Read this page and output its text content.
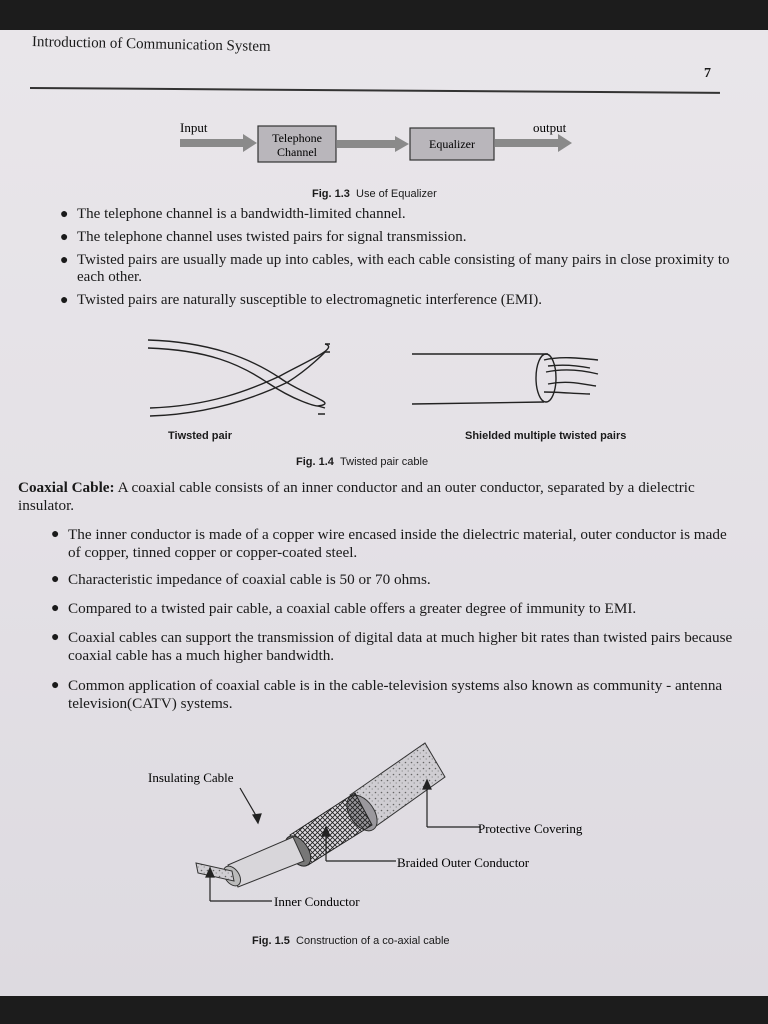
Introduction of Communication System
7
Input
Telephone
Channel
Equalizer
output
Fig. 1.3 Use of Equalizer
● The telephone channel is a bandwidth-limited channel.
● The telephone channel uses twisted pairs for signal transmission.
● Twisted pairs are usually made up into cables, with each cable consisting of many pairs in close proximity to each other.
● Twisted pairs are naturally susceptible to electromagnetic interference (EMI).
Tiwsted pair	Shielded multiple twisted pairs
Fig. 1.4 Twisted pair cable
Coaxial Cable: A coaxial cable consists of an inner conductor and an outer conductor, separated by a dielectric insulator.
● The inner conductor is made of a copper wire encased inside the dielectric material, outer conductor is made of copper, tinned copper or copper-coated steel.
● Characteristic impedance of coaxial cable is 50 or 70 ohms.
● Compared to a twisted pair cable, a coaxial cable offers a greater degree of immunity to EMI.
● Coaxial cables can support the transmission of digital data at much higher bit rates than twisted pairs because coaxial cable has a much higher bandwidth.
● Common application of coaxial cable is in the cable-television systems also known as community - antenna television(CATV) systems.
Insulating Cable
Protective Covering
Braided Outer Conductor
Inner Conductor
Fig. 1.5 Construction of a co-axial cable
